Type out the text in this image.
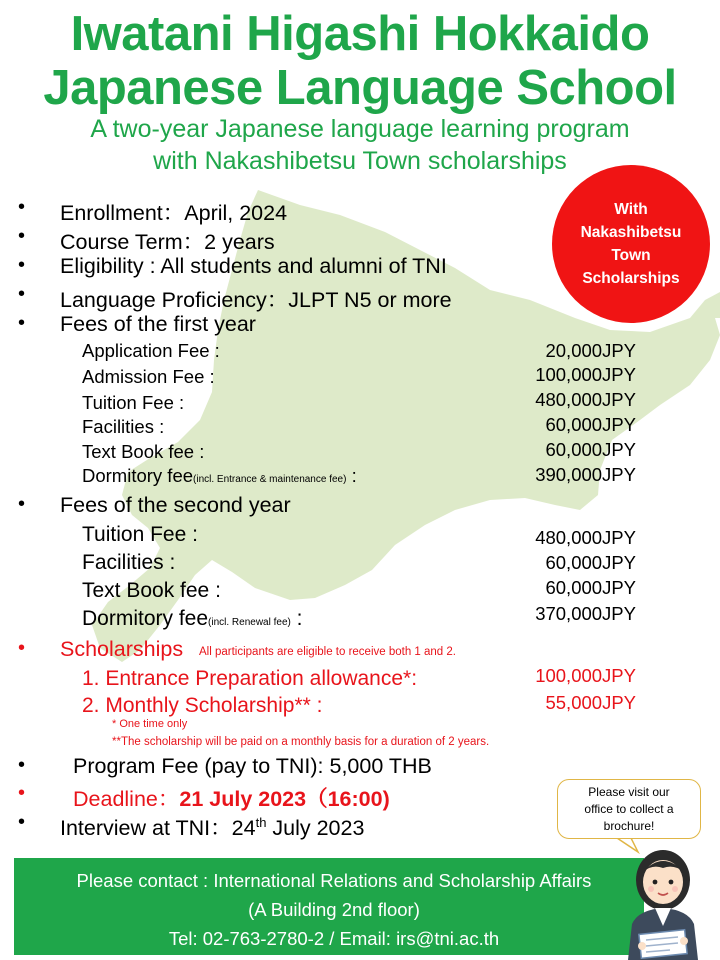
Iwatani Higashi Hokkaido
Japanese Language School
A two-year Japanese language learning program
with Nakashibetsu Town scholarships
With
Nakashibetsu
Town
Scholarships
• Enrollment：April, 2024
• Course Term：2 years
• Eligibility : All students and alumni of TNI
• Language Proficiency：JLPT N5 or more
• Fees of the first year
Application Fee :	20,000JPY
Admission Fee :	100,000JPY
Tuition Fee :	480,000JPY
Facilities :	60,000JPY
Text Book fee :	60,000JPY
Dormitory fee(incl. Entrance & maintenance fee) :	390,000JPY
• Fees of the second year
Tuition Fee :	480,000JPY
Facilities :	60,000JPY
Text Book fee :	60,000JPY
Dormitory fee(incl. Renewal fee) :	370,000JPY
• Scholarships All participants are eligible to receive both 1 and 2.
1. Entrance Preparation allowance*:	100,000JPY
2. Monthly Scholarship** :	55,000JPY
* One time only
**The scholarship will be paid on a monthly basis for a duration of 2 years.
• Program Fee (pay to TNI): 5,000 THB
• Deadline：21 July 2023（16:00)
• Interview at TNI：24th July 2023
Please visit our
office to collect a
brochure!
Please contact : International Relations and Scholarship Affairs
(A Building 2nd floor)
Tel: 02-763-2780-2 / Email: irs@tni.ac.th
